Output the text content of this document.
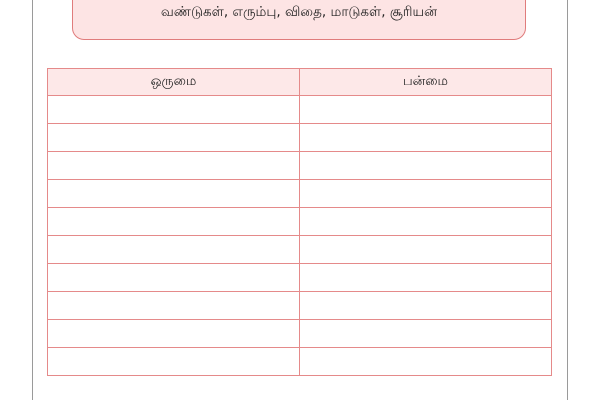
வண்டுகள், எரும்பு, விதை, மாடுகள், சூரியன்
ஒருமை	பன்மை
